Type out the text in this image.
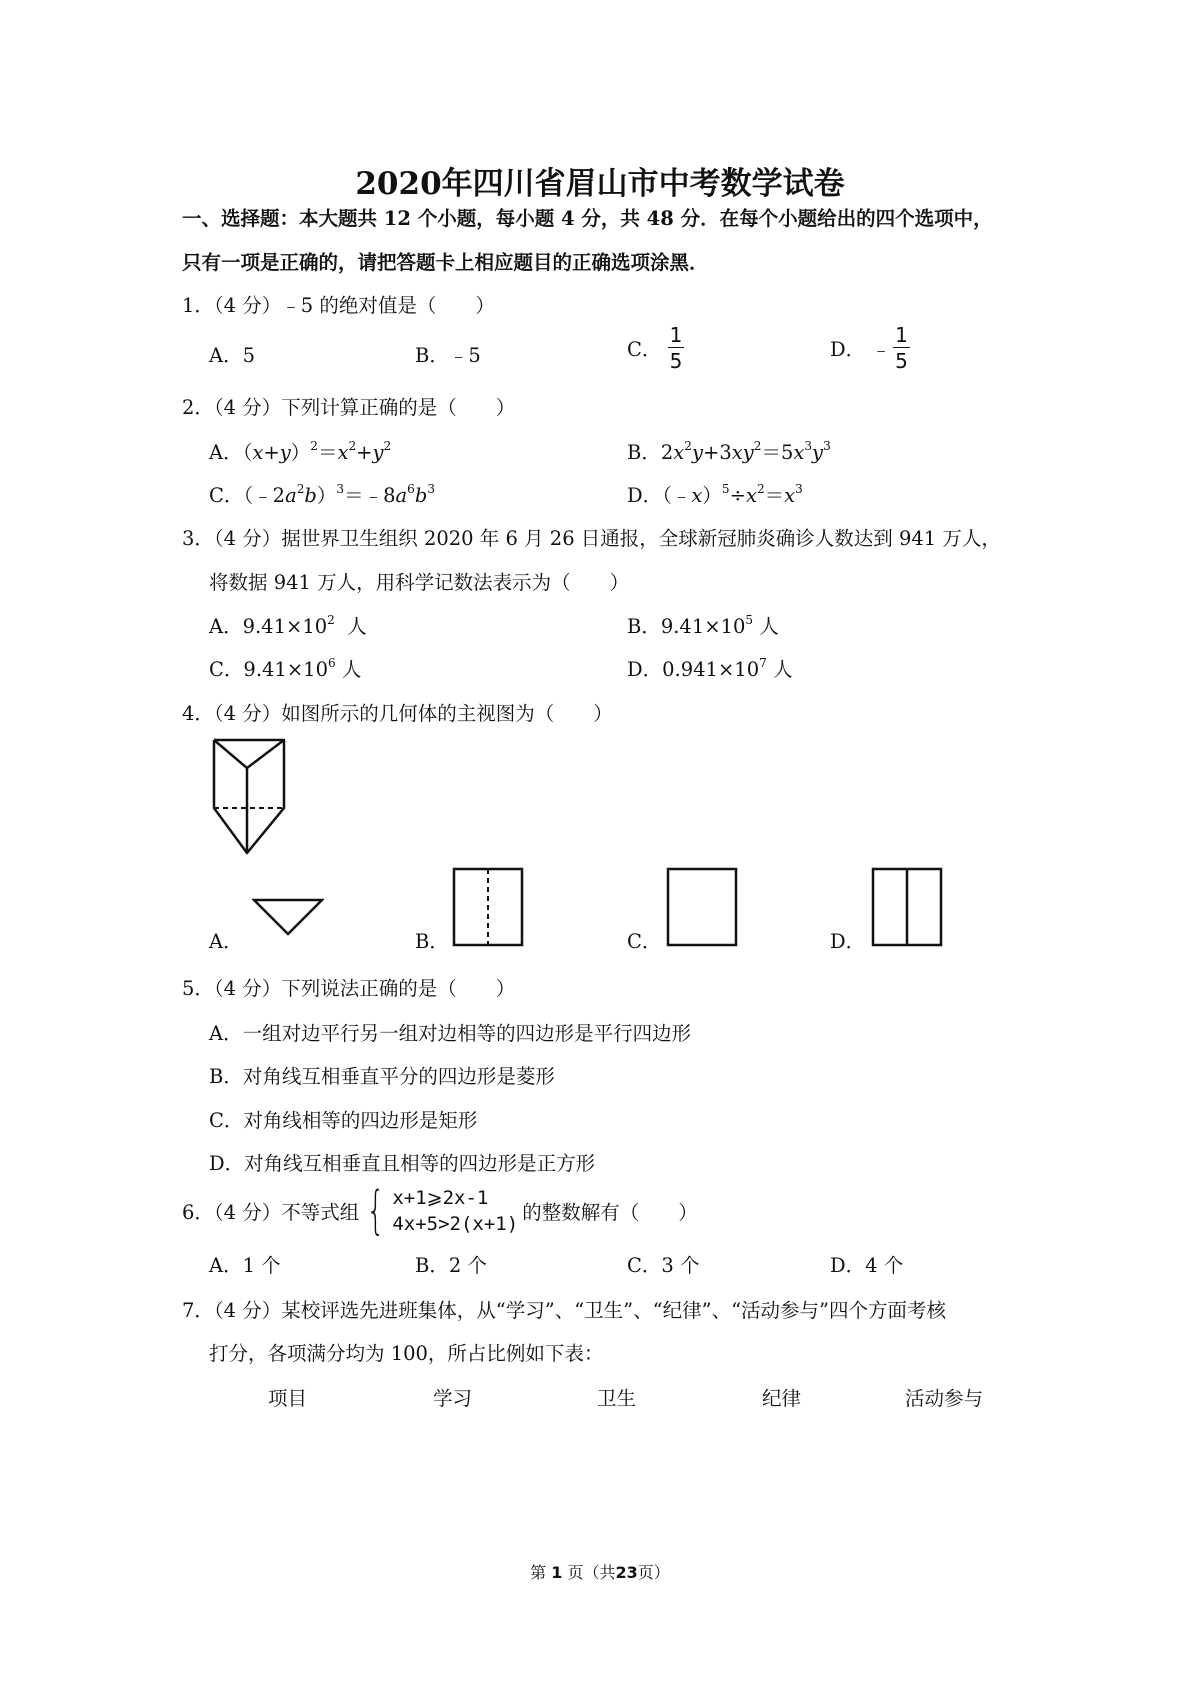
2020年四川省眉山市中考数学试卷
一、选择题：本大题共 12 个小题，每小题 4 分，共 48 分．在每个小题给出的四个选项中，
只有一项是正确的，请把答题卡上相应题目的正确选项涂黑．
1．（4 分）﹣5 的绝对值是（　　）
A．5	B．﹣5	C． $\frac{1}{5}$	D． ﹣ $\frac{1}{5}$
2．（4 分）下列计算正确的是（　　）
A．$(x+y)^2=x^2+y^2$	B．$2x^2y+3xy^2=5x^3y^3$
C．$(﹣2a^2b)^3=﹣8a^6b^3$	D．$(﹣x)^5\div x^2=x^3$
3．（4 分）据世界卫生组织 2020 年 6 月 26 日通报，全球新冠肺炎确诊人数达到 941 万人，
将数据 941 万人，用科学记数法表示为（　　）
A．$9.41\times 10^2$ 人	B．$9.41\times 10^5$ 人
C．$9.41\times 10^6$ 人	D．$0.941\times 10^7$ 人
4．（4 分）如图所示的几何体的主视图为（　　）
A．	B．	C．	D．
5．（4 分）下列说法正确的是（　　）
A．一组对边平行另一组对边相等的四边形是平行四边形
B．对角线互相垂直平分的四边形是菱形
C．对角线相等的四边形是矩形
D．对角线互相垂直且相等的四边形是正方形
6．（4 分）不等式组 { x+1⩾2x-1
4x+5>2(x+1) 的整数解有（　　）
A．1 个	B．2 个	C．3 个	D．4 个
7．（4 分）某校评选先进班集体，从“学习”、“卫生”、“纪律”、“活动参与”四个方面考核
打分，各项满分均为 100，所占比例如下表：
项目	学习	卫生	纪律	活动参与
第 1 页（共23页）
